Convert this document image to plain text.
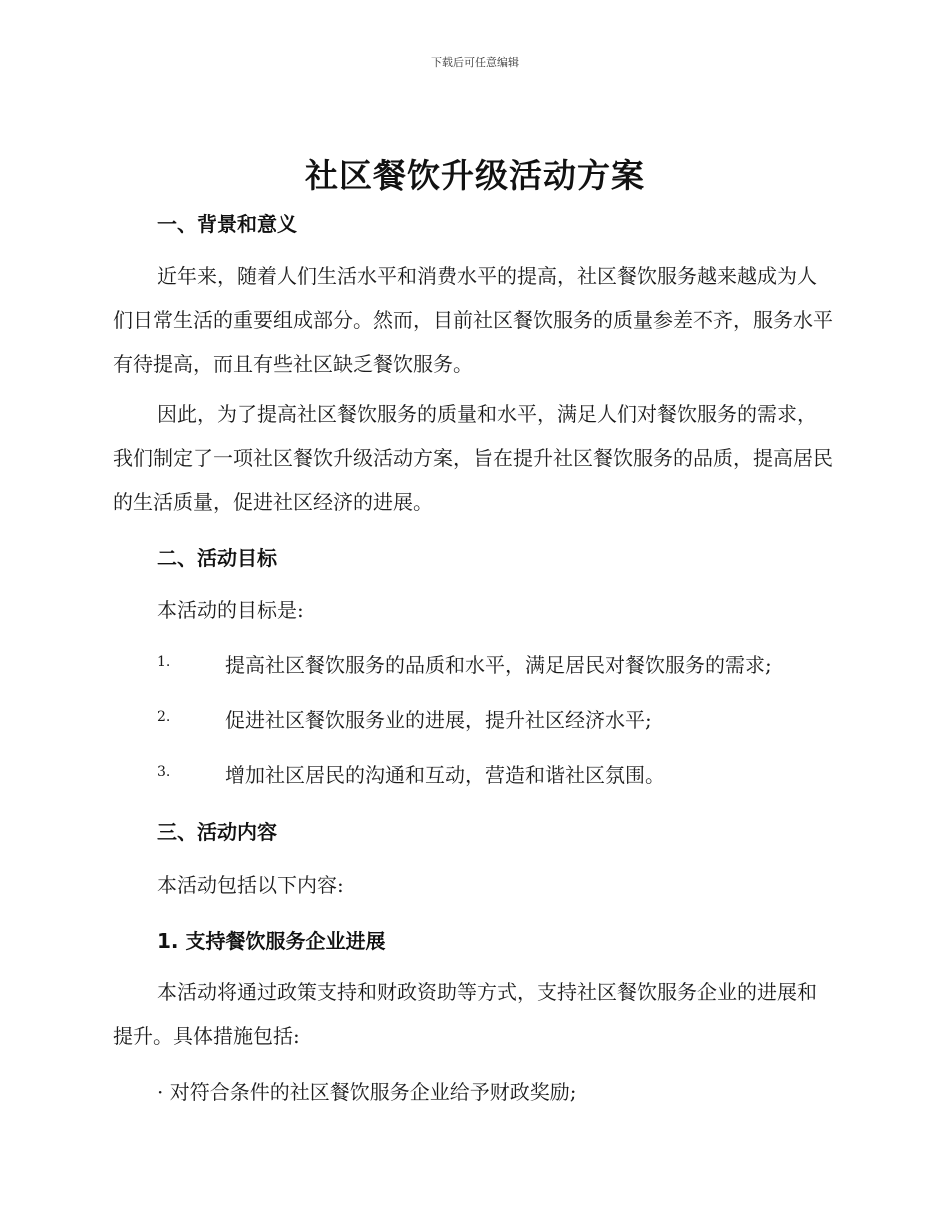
下载后可任意编辑
社区餐饮升级活动方案
一、背景和意义

近年来，随着人们生活水平和消费水平的提高，社区餐饮服务越来越成为人们日常生活的重要组成部分。然而，目前社区餐饮服务的质量参差不齐，服务水平有待提高，而且有些社区缺乏餐饮服务。

因此，为了提高社区餐饮服务的质量和水平，满足人们对餐饮服务的需求，我们制定了一项社区餐饮升级活动方案，旨在提升社区餐饮服务的品质，提高居民的生活质量，促进社区经济的进展。

二、活动目标
本活动的目标是:
1.	提高社区餐饮服务的品质和水平，满足居民对餐饮服务的需求;
2.	促进社区餐饮服务业的进展，提升社区经济水平;
3.	增加社区居民的沟通和互动，营造和谐社区氛围。
三、活动内容
本活动包括以下内容:
1. 支持餐饮服务企业进展

本活动将通过政策支持和财政资助等方式，支持社区餐饮服务企业的进展和提升。具体措施包括:

· 对符合条件的社区餐饮服务企业给予财政奖励;
